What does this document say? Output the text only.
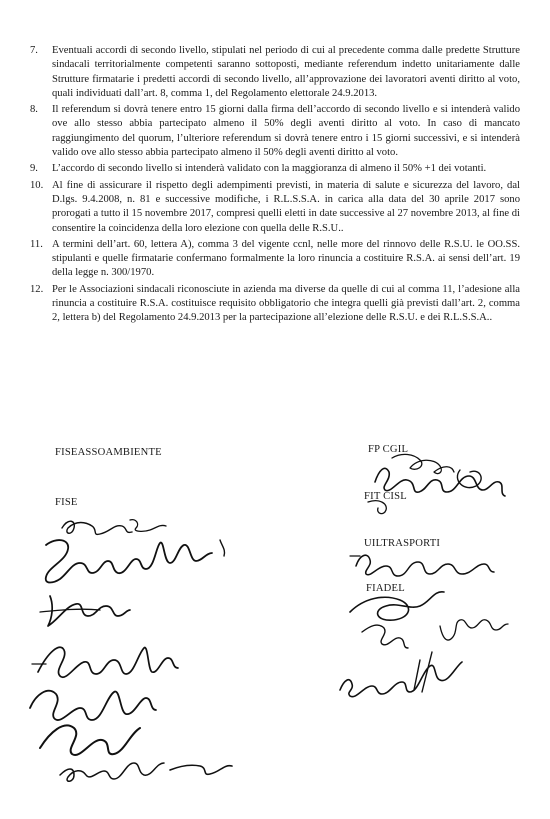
7.	Eventuali accordi di secondo livello, stipulati nel periodo di cui al precedente comma dalle predette Strutture sindacali territorialmente competenti saranno sottoposti, mediante referendum indetto unitariamente dalle Strutture firmatarie i predetti accordi di secondo livello, all’approvazione dei lavoratori aventi diritto al voto, quali individuati dall’art. 8, comma 1, del Regolamento elettorale 24.9.2013.
8.	Il referendum si dovrà tenere entro 15 giorni dalla firma dell’accordo di secondo livello e si intenderà valido ove allo stesso abbia partecipato almeno il 50% degli aventi diritto al voto. In caso di mancato raggiungimento del quorum, l’ulteriore referendum si dovrà tenere entro i 15 giorni successivi, e si intenderà valido ove allo stesso abbia partecipato almeno il 50% degli aventi diritto al voto.
9.	L’accordo di secondo livello si intenderà validato con la maggioranza di almeno il 50% +1 dei votanti.
10. Al fine di assicurare il rispetto degli adempimenti previsti, in materia di salute e sicurezza del lavoro, dal D.lgs. 9.4.2008, n. 81 e successive modifiche, i R.L.S.S.A. in carica alla data del 30 aprile 2017 sono prorogati a tutto il 15 novembre 2017, compresi quelli eletti in date successive al 27 novembre 2013, al fine di consentire la coincidenza della loro elezione con quella delle R.S.U..
11. A termini dell’art. 60, lettera A), comma 3 del vigente ccnl, nelle more del rinnovo delle R.S.U. le OO.SS. stipulanti e quelle firmatarie confermano formalmente la loro rinuncia a costituire R.S.A. ai sensi dell’art. 19 della legge n. 300/1970.
12. Per le Associazioni sindacali riconosciute in azienda ma diverse da quelle di cui al comma 11, l’adesione alla rinuncia a costituire R.S.A. costituisce requisito obbligatorio che integra quelli già previsti dall’art. 2, comma 2, lettera b) del Regolamento 24.9.2013 per la partecipazione all’elezione delle R.S.U. e dei R.L.S.S.A..
FISEASSOAMBIENTE
FISE
FP CGIL
FIT CISL
UILTRASPORTI
FIADEL
